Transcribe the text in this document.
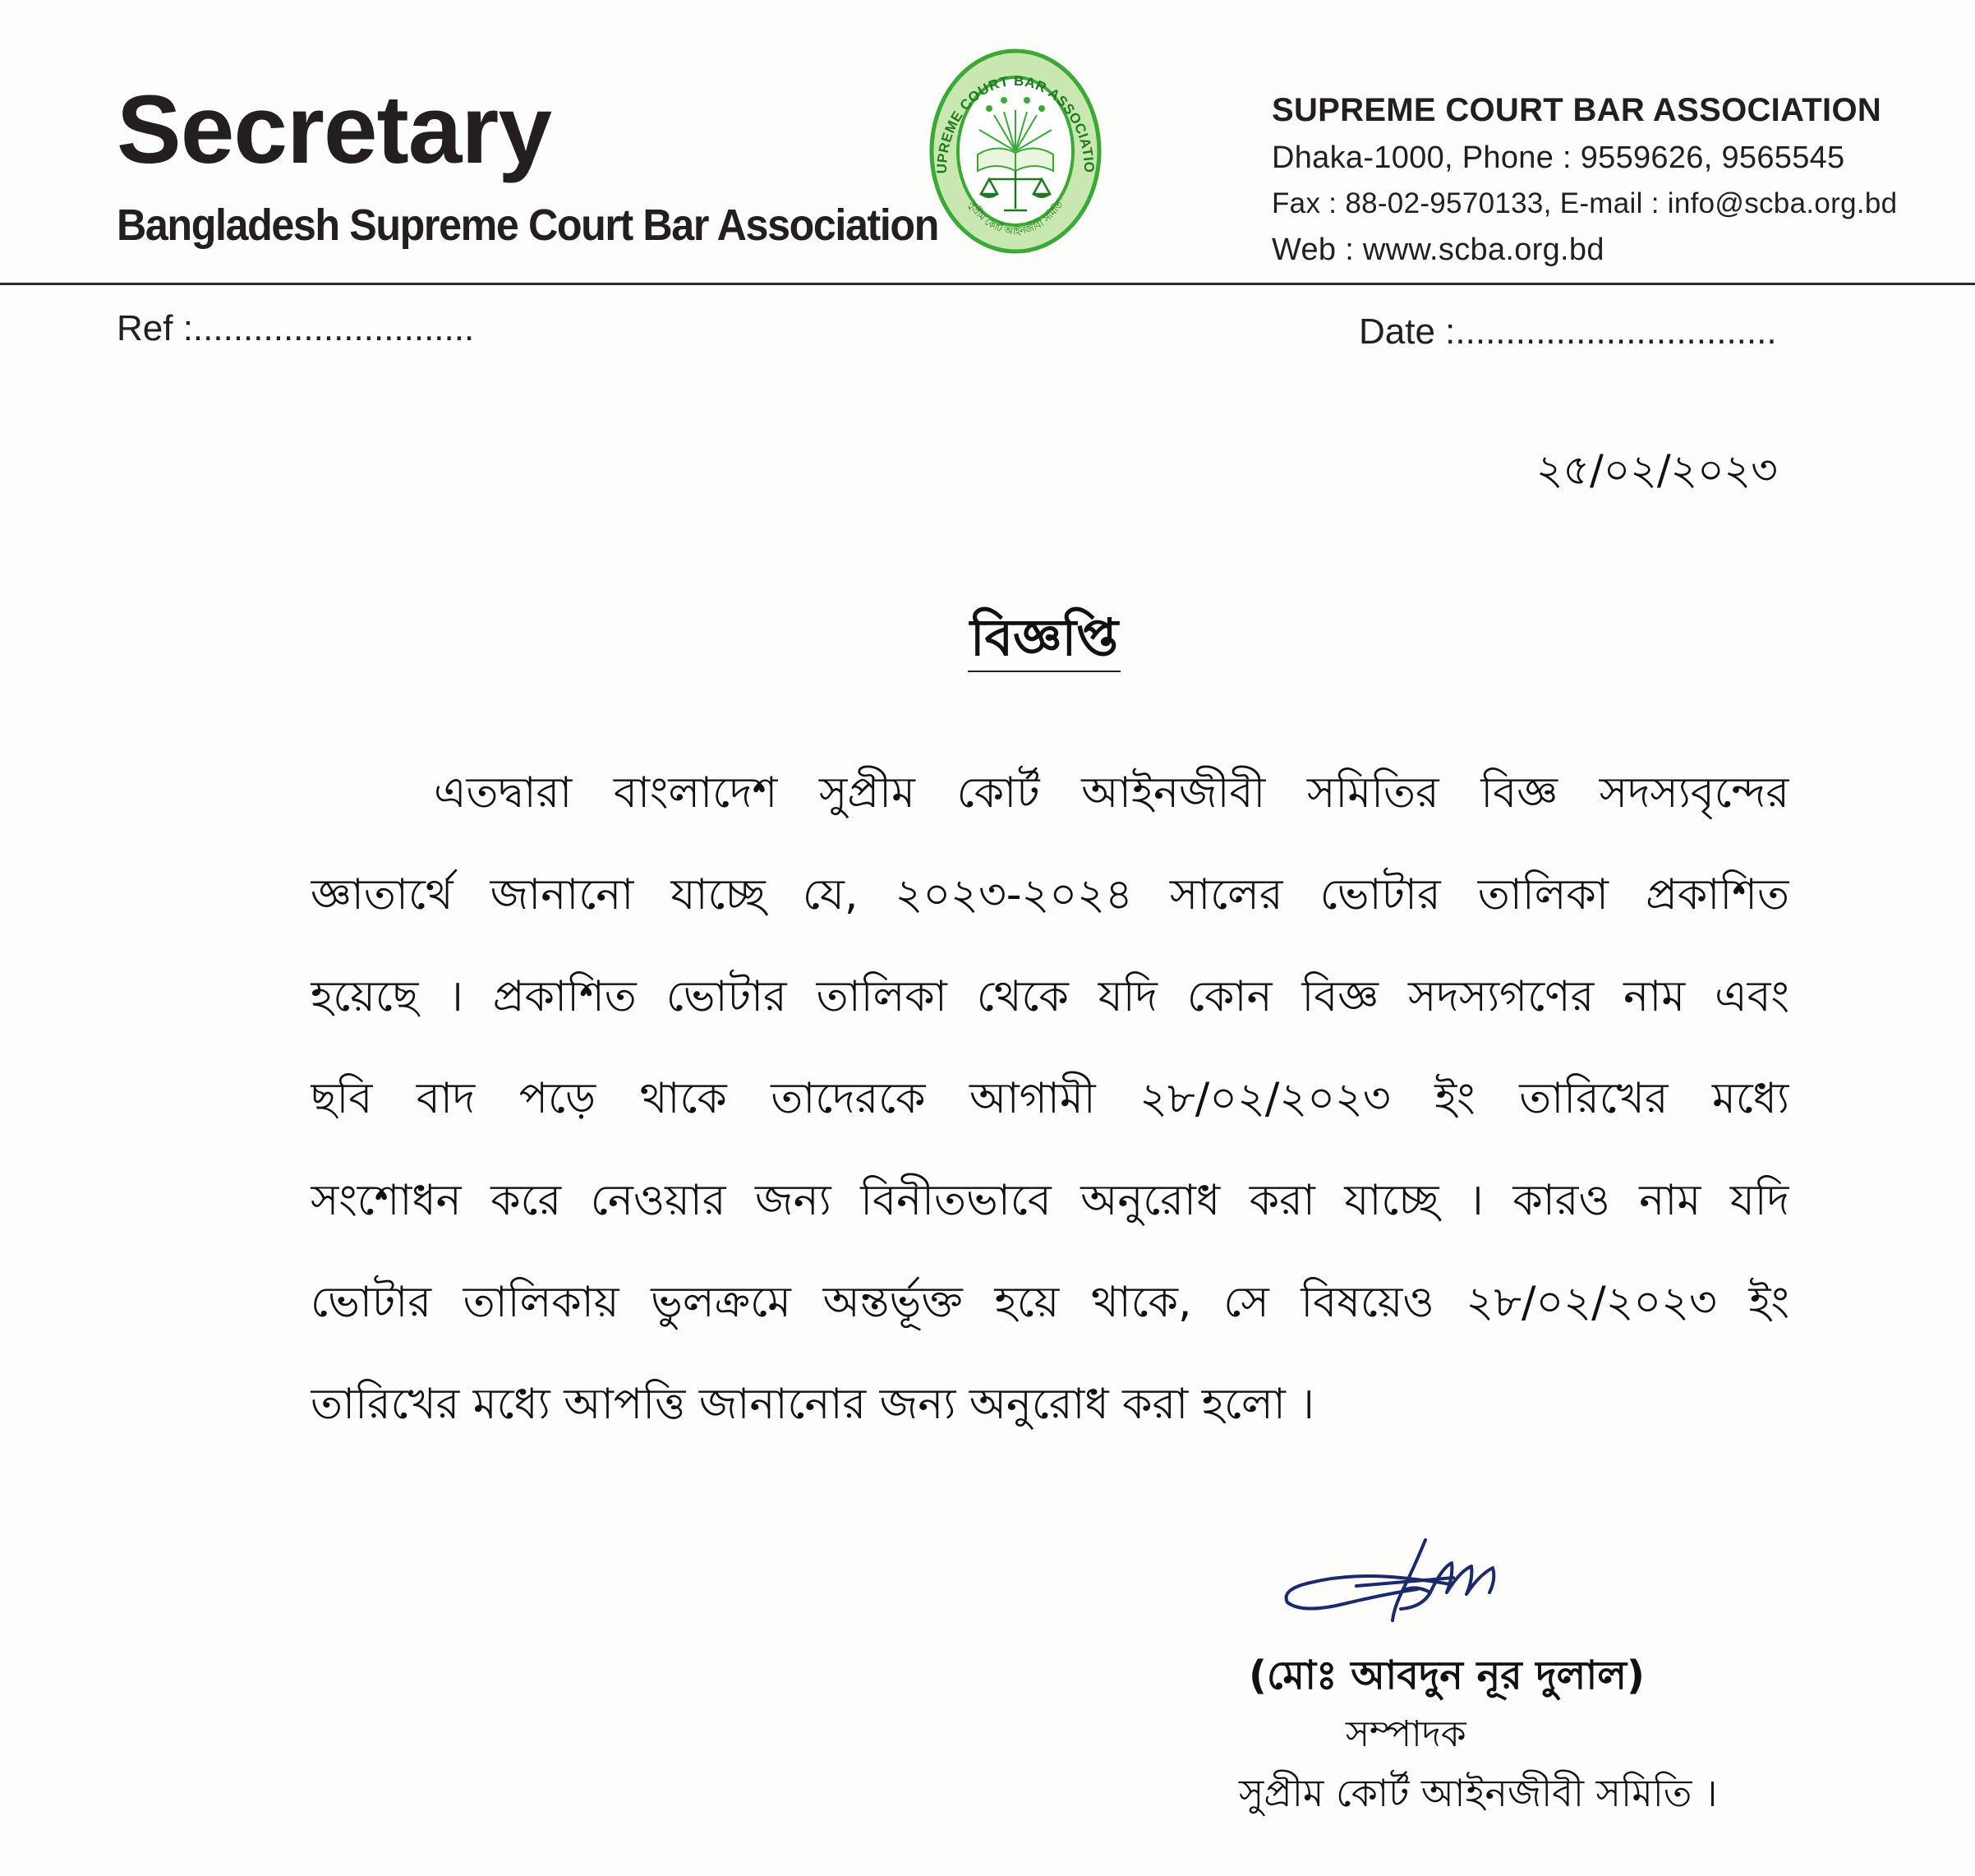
Secretary
Bangladesh Supreme Court Bar Association
UPREME COURT BAR ASSOCIATIO
সুপ্রীম কোর্ট আইনজীবী সমিতি
SUPREME COURT BAR ASSOCIATION
Dhaka-1000, Phone : 9559626, 9565545
Fax : 88-02-9570133, E-mail : info@scba.org.bd
Web : www.scba.org.bd
Ref :............................	Date :................................
২৫/০২/২০২৩
বিজ্ঞপ্তি
এতদ্বারা বাংলাদেশ সুপ্রীম কোর্ট আইনজীবী সমিতির বিজ্ঞ সদস্যবৃন্দের
জ্ঞাতার্থে জানানো যাচ্ছে যে, ২০২৩-২০২৪ সালের ভোটার তালিকা প্রকাশিত
হয়েছে । প্রকাশিত ভোটার তালিকা থেকে যদি কোন বিজ্ঞ সদস্যগণের নাম এবং
ছবি বাদ পড়ে থাকে তাদেরকে আগামী ২৮/০২/২০২৩ ইং তারিখের মধ্যে
সংশোধন করে নেওয়ার জন্য বিনীতভাবে অনুরোধ করা যাচ্ছে । কারও নাম যদি
ভোটার তালিকায় ভুলক্রমে অন্তর্ভূক্ত হয়ে থাকে, সে বিষয়েও ২৮/০২/২০২৩ ইং
তারিখের মধ্যে আপত্তি জানানোর জন্য অনুরোধ করা হলো ।
(মোঃ আবদুন নূর দুলাল)
সম্পাদক
সুপ্রীম কোর্ট আইনজীবী সমিতি ।
